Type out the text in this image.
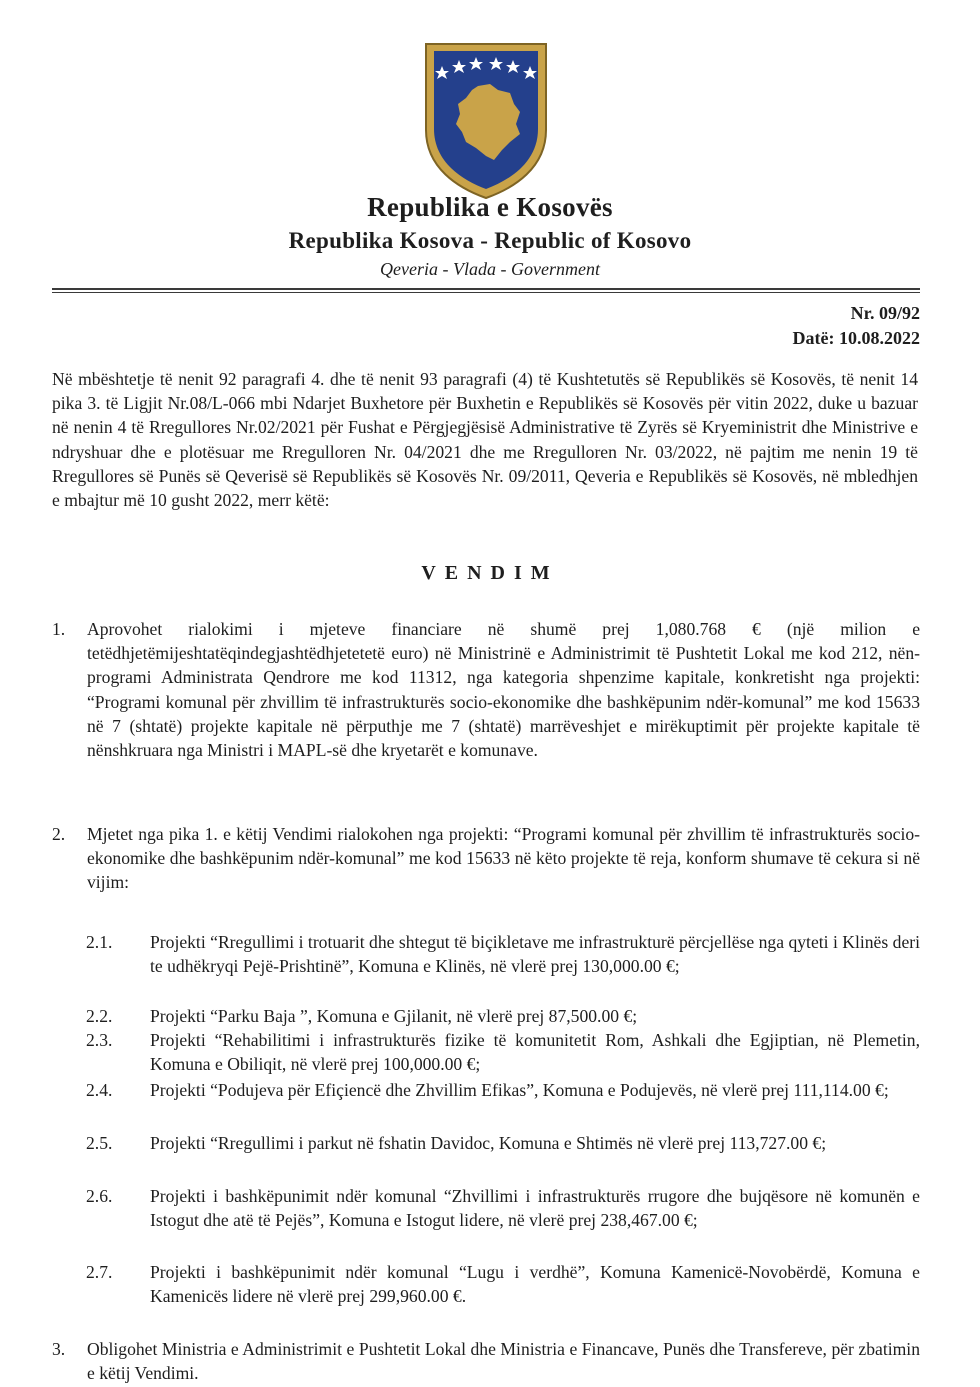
Republika e Kosovës
Republika Kosova - Republic of Kosovo
Qeveria - Vlada - Government
Nr. 09/92
Datë: 10.08.2022
Në mbështetje të nenit 92 paragrafi 4. dhe të nenit 93 paragrafi (4) të Kushtetutës së Republikës së Kosovës, të nenit 14 pika 3. të Ligjit Nr.08/L-066 mbi Ndarjet Buxhetore për Buxhetin e Republikës së Kosovës për vitin 2022, duke u bazuar në nenin 4 të Rregullores Nr.02/2021 për Fushat e Përgjegjësisë Administrative të Zyrës së Kryeministrit dhe Ministrive e ndryshuar dhe e plotësuar me Rregulloren Nr. 04/2021 dhe me Rregulloren Nr. 03/2022, në pajtim me nenin 19 të Rregullores së Punës së Qeverisë së Republikës së Kosovës Nr. 09/2011, Qeveria e Republikës së Kosovës, në mbledhjen e mbajtur më 10 gusht 2022, merr këtë:
VENDIM
1. Aprovohet rialokimi i mjeteve financiare në shumë prej 1,080.768 € (një milion e tetëdhjetëmijeshtatëqindegjashtëdhjetetetë euro) në Ministrinë e Administrimit të Pushtetit Lokal me kod 212, nën-programi Administrata Qendrore me kod 11312, nga kategoria shpenzime kapitale, konkretisht nga projekti: “Programi komunal për zhvillim të infrastrukturës socio-ekonomike dhe bashkëpunim ndër-komunal” me kod 15633 në 7 (shtatë) projekte kapitale në përputhje me 7 (shtatë) marrëveshjet e mirëkuptimit për projekte kapitale të nënshkruara nga Ministri i MAPL-së dhe kryetarët e komunave.
2. Mjetet nga pika 1. e këtij Vendimi rialokohen nga projekti: “Programi komunal për zhvillim të infrastrukturës socio-ekonomike dhe bashkëpunim ndër-komunal” me kod 15633 në këto projekte të reja, konform shumave të cekura si në vijim:
2.1. Projekti “Rregullimi i trotuarit dhe shtegut të biçikletave me infrastrukturë përcjellëse nga qyteti i Klinës deri te udhëkryqi Pejë-Prishtinë”, Komuna e Klinës, në vlerë prej 130,000.00 €;
2.2. Projekti “Parku Baja ”, Komuna e Gjilanit, në vlerë prej 87,500.00 €;
2.3. Projekti “Rehabilitimi i infrastrukturës fizike të komunitetit Rom, Ashkali dhe Egjiptian, në Plemetin, Komuna e Obiliqit, në vlerë prej 100,000.00 €;
2.4. Projekti “Podujeva për Efiçiencë dhe Zhvillim Efikas”, Komuna e Podujevës, në vlerë prej 111,114.00 €;
2.5. Projekti “Rregullimi i parkut në fshatin Davidoc, Komuna e Shtimës në vlerë prej 113,727.00 €;
2.6. Projekti i bashkëpunimit ndër komunal “Zhvillimi i infrastrukturës rrugore dhe bujqësore në komunën e Istogut dhe atë të Pejës”, Komuna e Istogut lidere, në vlerë prej 238,467.00 €;
2.7. Projekti i bashkëpunimit ndër komunal “Lugu i verdhë”, Komuna Kamenicë-Novobërdë, Komuna e Kamenicës lidere në vlerë prej 299,960.00 €.
3. Obligohet Ministria e Administrimit e Pushtetit Lokal dhe Ministria e Financave, Punës dhe Transfereve, për zbatimin e këtij Vendimi.
